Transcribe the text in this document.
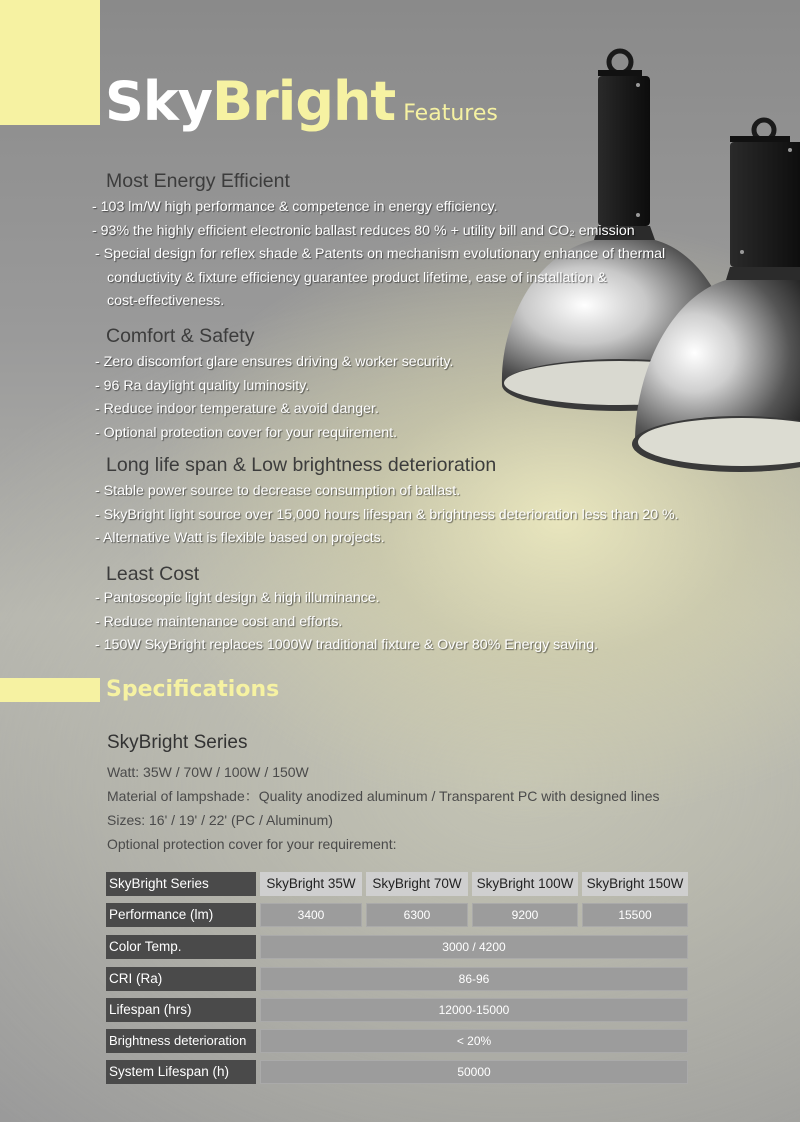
SkyBright Features
Most Energy Efficient
- 103 lm/W high performance & competence in energy efficiency.
- 93% the highly efficient electronic ballast reduces 80 % + utility bill and CO₂ emission
- Special design for reflex shade & Patents on mechanism evolutionary enhance of thermal
conductivity & fixture efficiency guarantee product lifetime, ease of installation &
cost-effectiveness.
Comfort & Safety
- Zero discomfort glare ensures driving & worker security.
- 96 Ra daylight quality luminosity.
- Reduce indoor temperature & avoid danger.
- Optional protection cover for your requirement.
Long life span & Low brightness deterioration
- Stable power source to decrease consumption of ballast.
- SkyBright light source over 15,000 hours lifespan & brightness deterioration less than 20 %.
- Alternative Watt is flexible based on projects.
Least Cost
- Pantoscopic light design & high illuminance.
- Reduce maintenance cost and efforts.
- 150W SkyBright replaces 1000W traditional fixture & Over 80% Energy saving.
Specifications
SkyBright Series
Watt: 35W / 70W / 100W / 150W
Material of lampshade：Quality anodized aluminum / Transparent PC with designed lines
Sizes: 16' / 19' / 22' (PC / Aluminum)
Optional protection cover for your requirement:
SkyBright Series	SkyBright 35W	SkyBright 70W	SkyBright 100W SkyBright 150W
Performance (lm)	3400	6300	9200	15500
Color Temp.	3000 / 4200
CRI (Ra)	86-96
Lifespan (hrs)	12000-15000
Brightness deterioration	< 20%
System Lifespan (h)	50000
